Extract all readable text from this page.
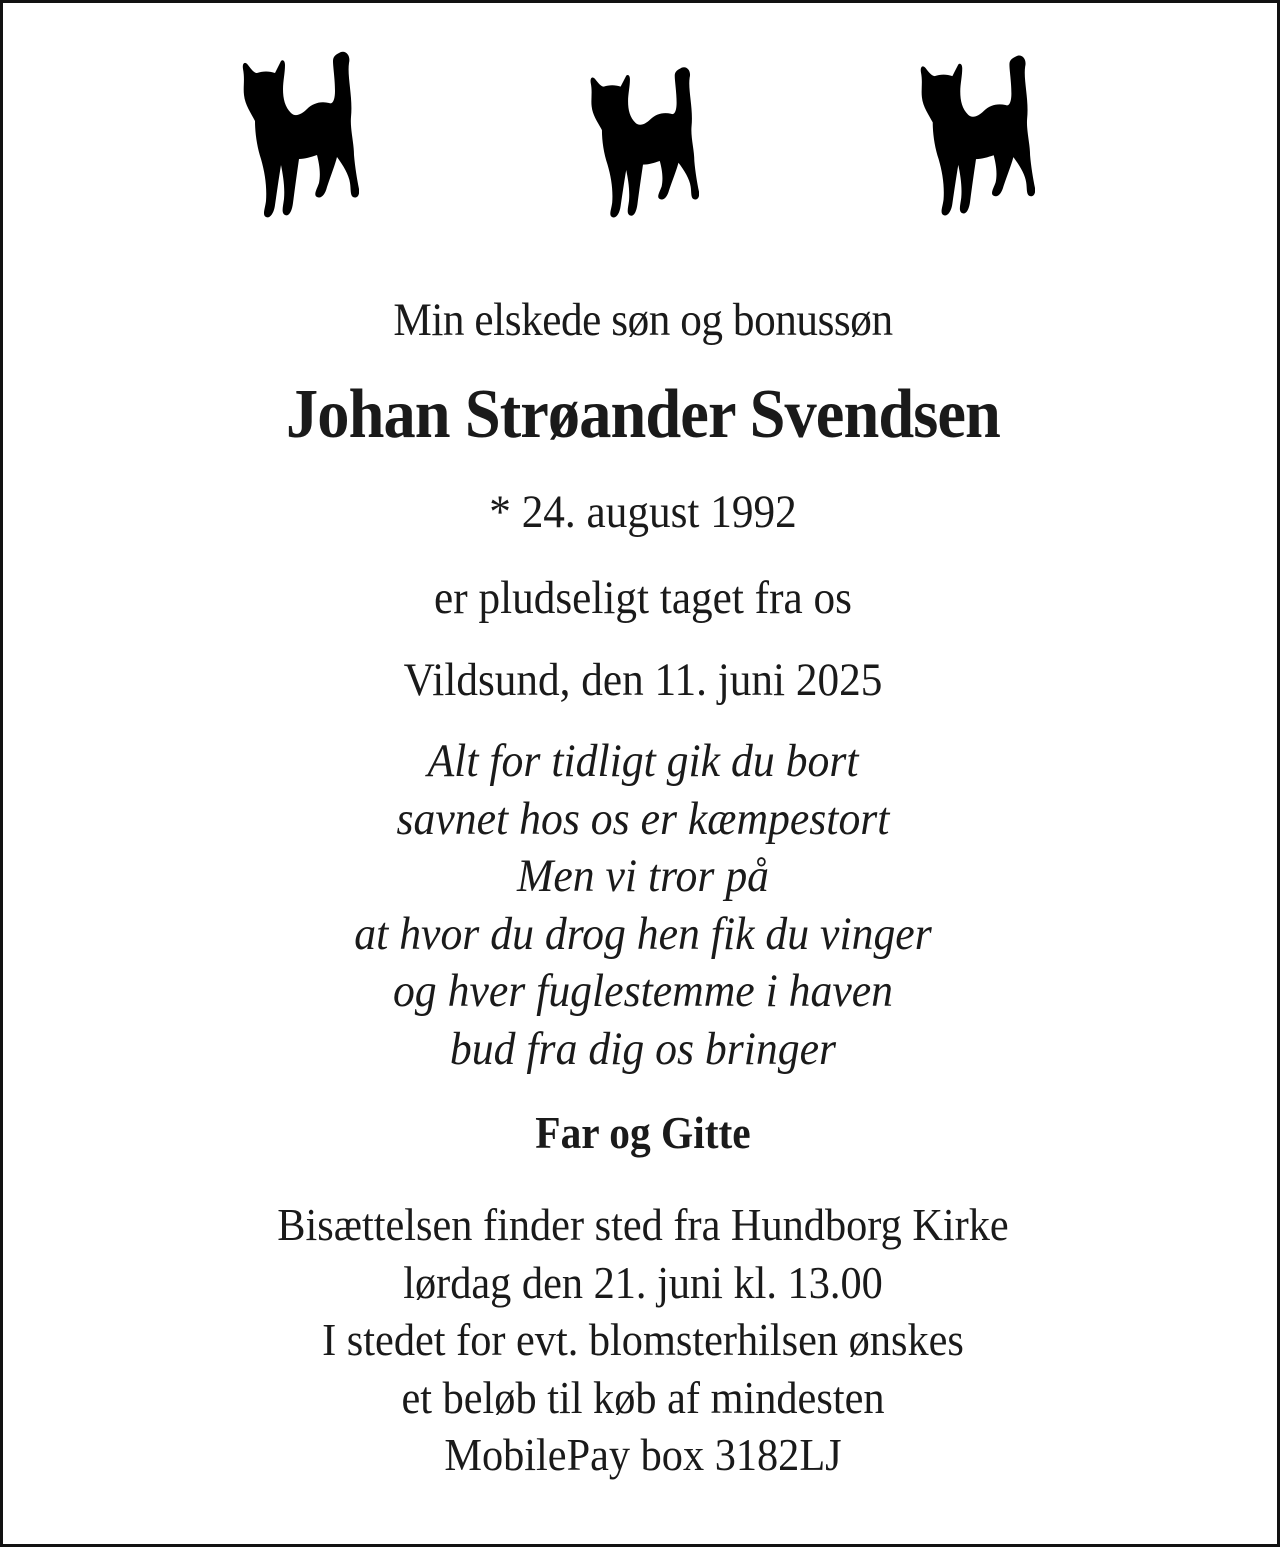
Min elskede søn og bonussøn
Johan Strøander Svendsen
* 24. august 1992
er pludseligt taget fra os
Vildsund, den 11. juni 2025
Alt for tidligt gik du bort
savnet hos os er kæmpestort
Men vi tror på
at hvor du drog hen fik du vinger
og hver fuglestemme i haven
bud fra dig os bringer
Far og Gitte
Bisættelsen finder sted fra Hundborg Kirke
lørdag den 21. juni kl. 13.00
I stedet for evt. blomsterhilsen ønskes
et beløb til køb af mindesten
MobilePay box 3182LJ
